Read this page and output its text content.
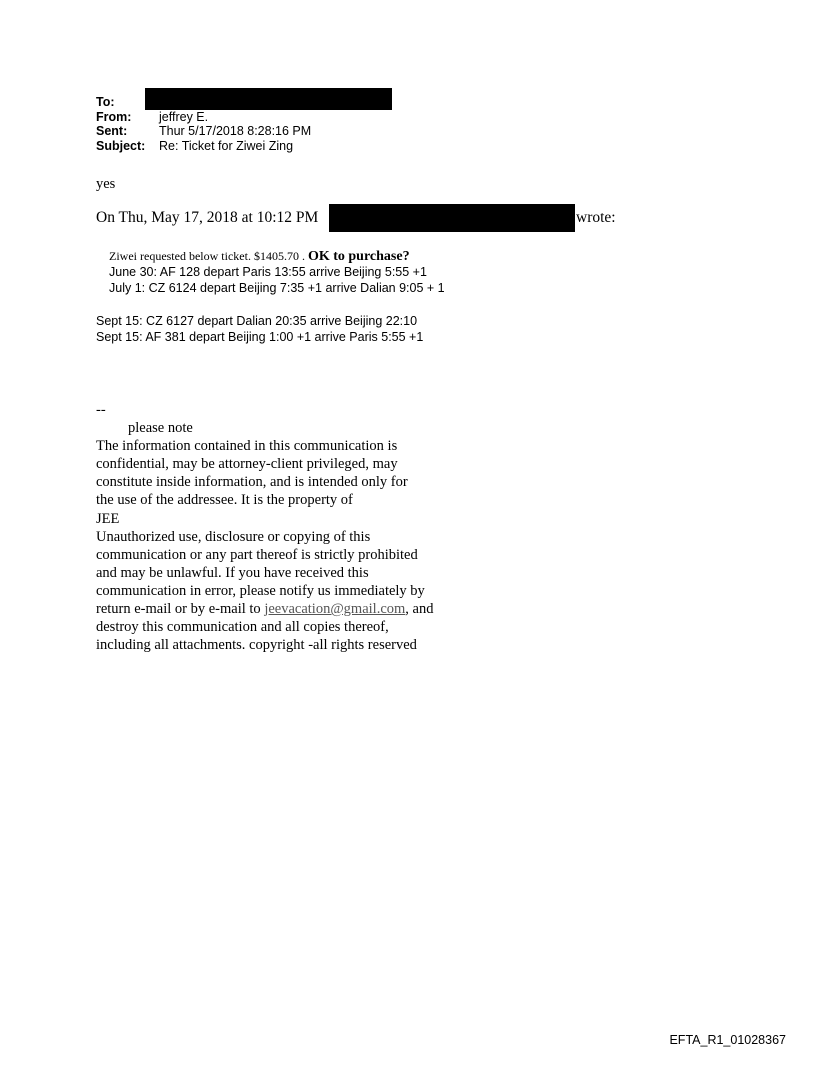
To:
From: jeffrey E.
Sent:	Thur 5/17/2018 8:28:16 PM
Subject: Re: Ticket for Ziwei Zing
yes
On Thu, May 17, 2018 at 10:12 PM	wrote:
Ziwei requested below ticket. $1405.70 . OK to purchase?
June 30: AF 128 depart Paris 13:55 arrive Beijing 5:55 +1
July 1: CZ 6124 depart Beijing 7:35 +1 arrive Dalian 9:05 + 1
Sept 15: CZ 6127 depart Dalian 20:35 arrive Beijing 22:10
Sept 15: AF 381 depart Beijing 1:00 +1 arrive Paris 5:55 +1
--
please note
The information contained in this communication is
confidential, may be attorney-client privileged, may
constitute inside information, and is intended only for
the use of the addressee. It is the property of
JEE
Unauthorized use, disclosure or copying of this
communication or any part thereof is strictly prohibited
and may be unlawful. If you have received this
communication in error, please notify us immediately by
return e-mail or by e-mail to jeevacation@gmail.com, and
destroy this communication and all copies thereof,
including all attachments. copyright -all rights reserved
EFTA_R1_01028367
